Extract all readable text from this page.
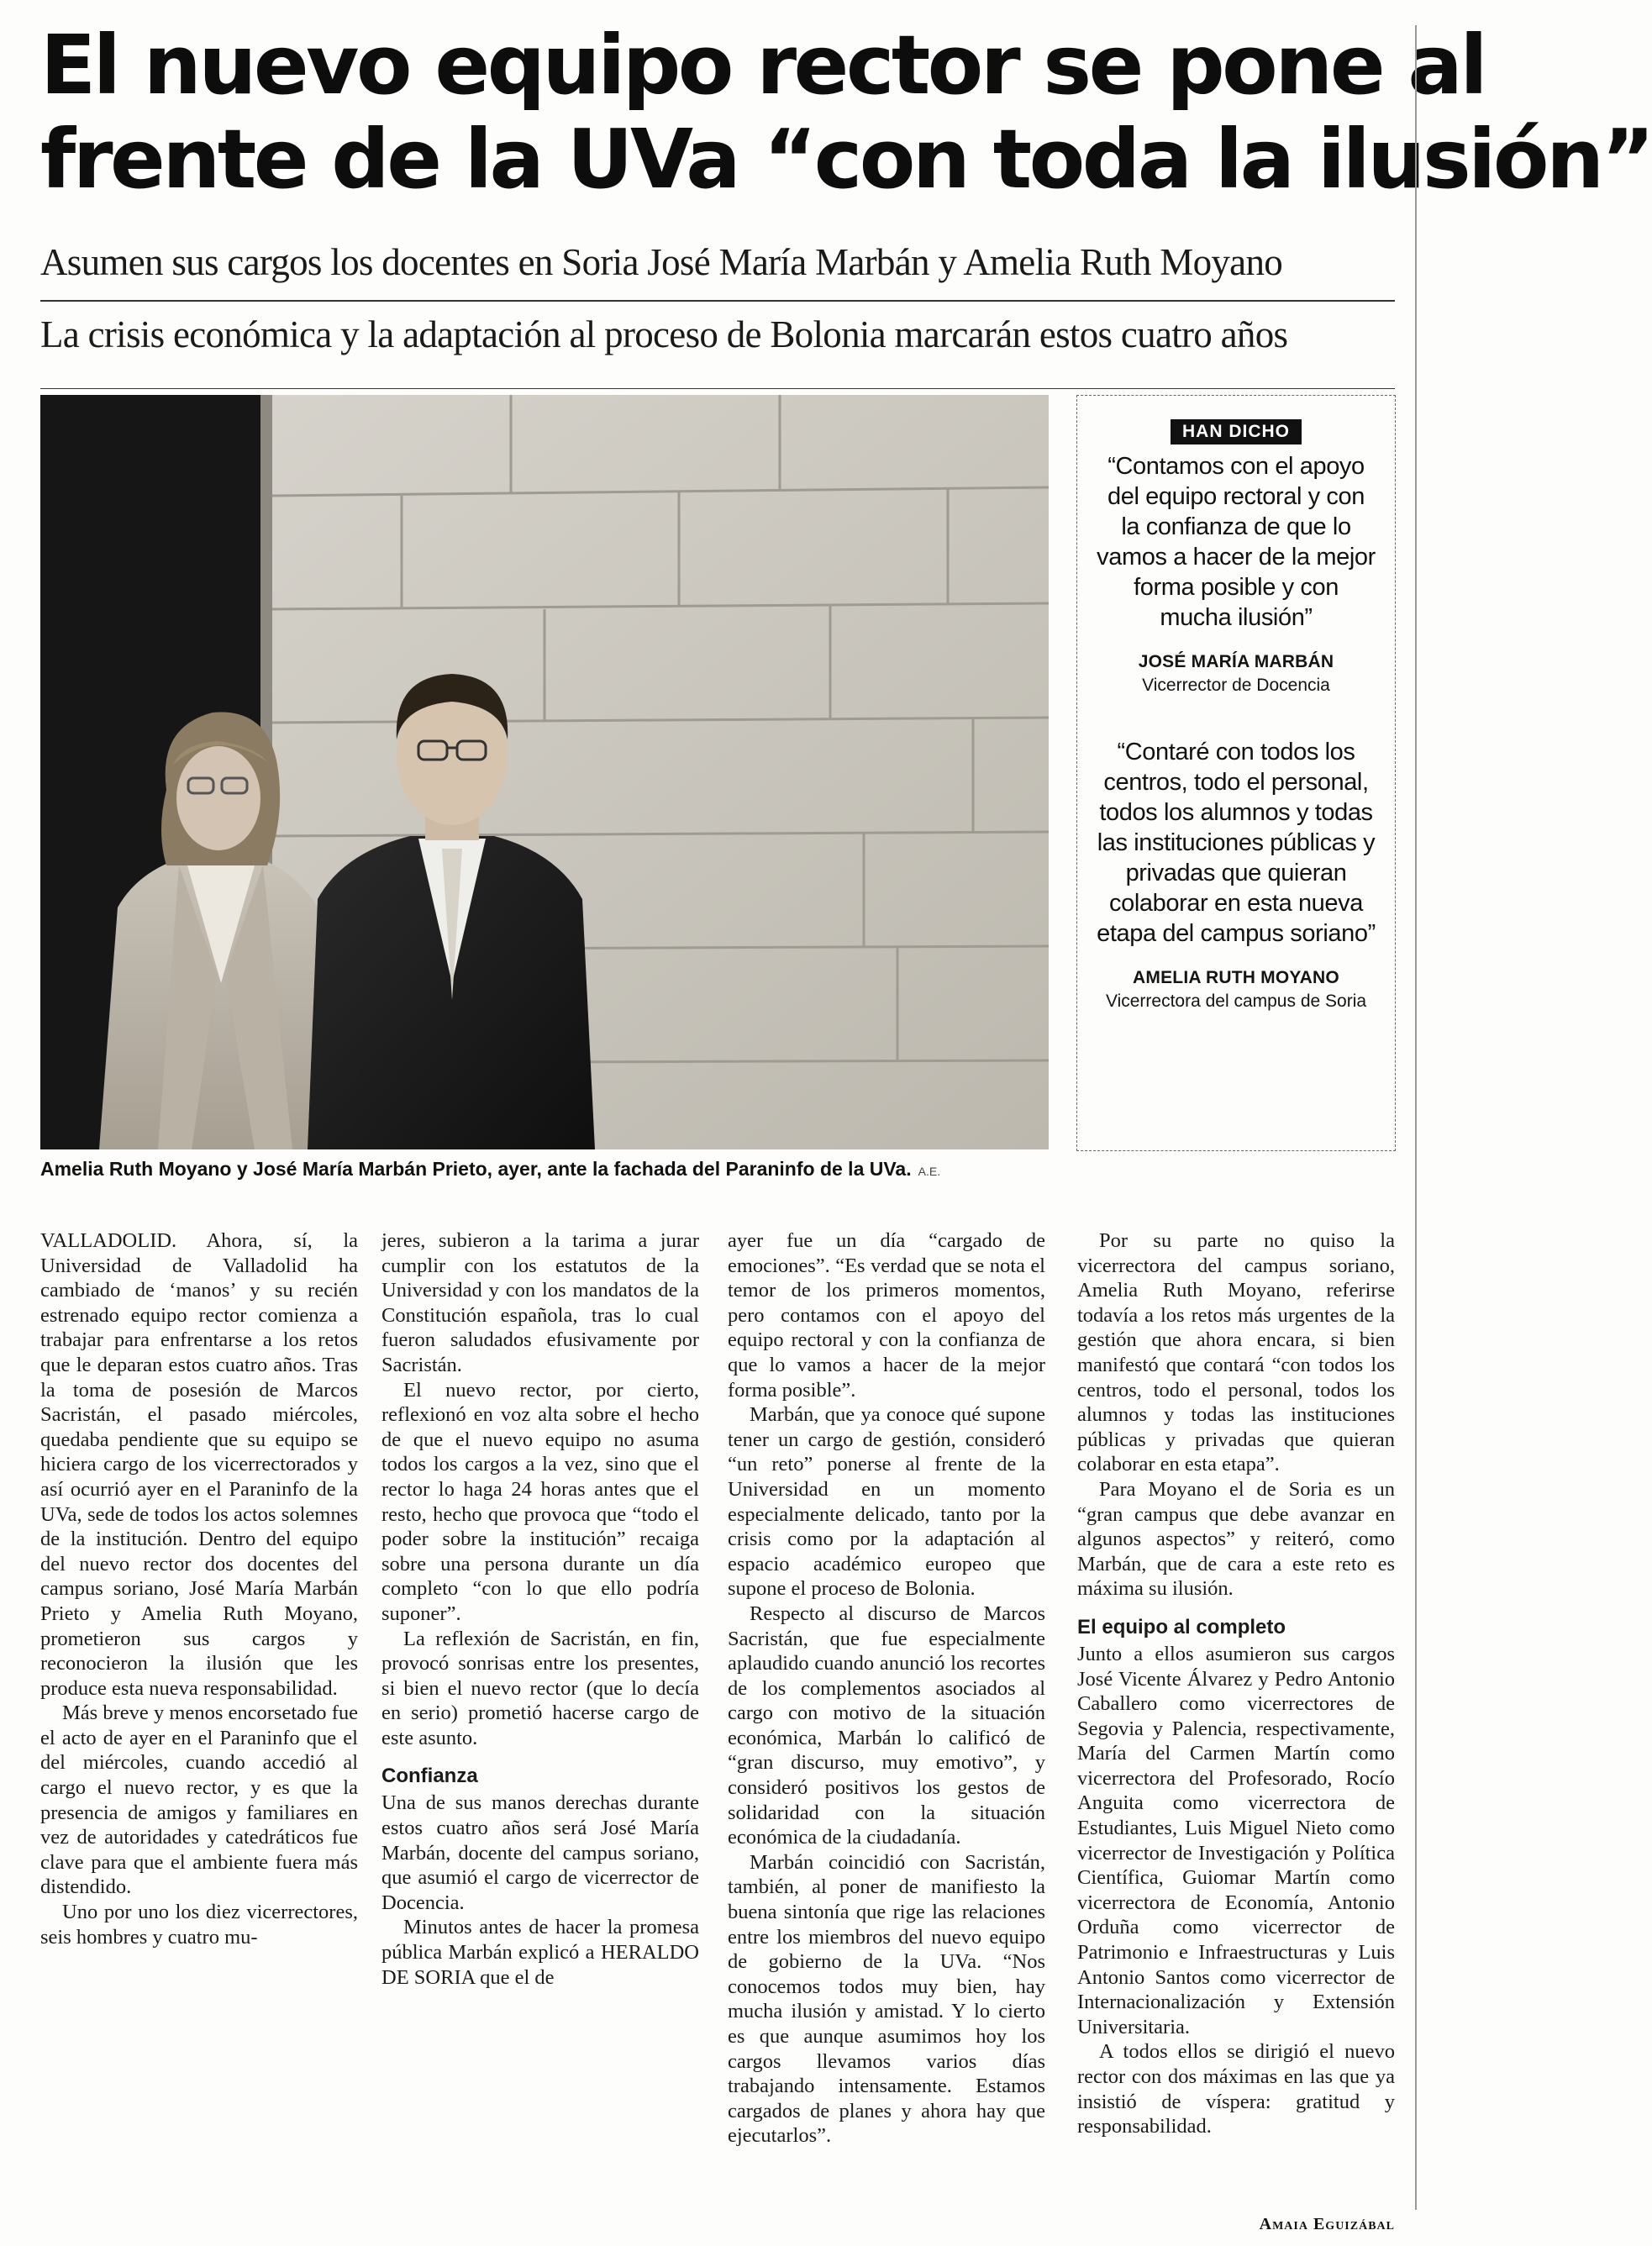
El nuevo equipo rector se pone al
frente de la UVa “con toda la ilusión”
Asumen sus cargos los docentes en Soria José María Marbán y Amelia Ruth Moyano
La crisis económica y la adaptación al proceso de Bolonia marcarán estos cuatro años
Amelia Ruth Moyano y José María Marbán Prieto, ayer, ante la fachada del Paraninfo de la UVa. A.E.
HAN DICHO
“Contamos con el apoyo del equipo rectoral y con la confianza de que lo vamos a hacer de la mejor forma posible y con mucha ilusión”
JOSÉ MARÍA MARBÁN
Vicerrector de Docencia
“Contaré con todos los centros, todo el personal, todos los alumnos y todas las instituciones públicas y privadas que quieran colaborar en esta nueva etapa del campus soriano”
AMELIA RUTH MOYANO
Vicerrectora del campus de Soria

VALLADOLID. Ahora, sí, la Universidad de Valladolid ha cambiado de ‘manos’ y su recién estrenado equipo rector comienza a trabajar para enfrentarse a los retos que le deparan estos cuatro años. Tras la toma de posesión de Marcos Sacristán, el pasado miércoles, quedaba pendiente que su equipo se hiciera cargo de los vicerrectorados y así ocurrió ayer en el Paraninfo de la UVa, sede de todos los actos solemnes de la institución. Dentro del equipo del nuevo rector dos docentes del campus soriano, José María Marbán Prieto y Amelia Ruth Moyano, prometieron sus cargos y reconocieron la ilusión que les produce esta nueva responsabilidad.

Más breve y menos encorsetado fue el acto de ayer en el Paraninfo que el del miércoles, cuando accedió al cargo el nuevo rector, y es que la presencia de amigos y familiares en vez de autoridades y catedráticos fue clave para que el ambiente fuera más distendido.

Uno por uno los diez vicerrectores, seis hombres y cuatro mu-

jeres, subieron a la tarima a jurar cumplir con los estatutos de la Universidad y con los mandatos de la Constitución española, tras lo cual fueron saludados efusivamente por Sacristán.

El nuevo rector, por cierto, reflexionó en voz alta sobre el hecho de que el nuevo equipo no asuma todos los cargos a la vez, sino que el rector lo haga 24 horas antes que el resto, hecho que provoca que “todo el poder sobre la institución” recaiga sobre una persona durante un día completo “con lo que ello podría suponer”.

La reflexión de Sacristán, en fin, provocó sonrisas entre los presentes, si bien el nuevo rector (que lo decía en serio) prometió hacerse cargo de este asunto.

Confianza

Una de sus manos derechas durante estos cuatro años será José María Marbán, docente del campus soriano, que asumió el cargo de vicerrector de Docencia.

Minutos antes de hacer la promesa pública Marbán explicó a HERALDO DE SORIA que el de

ayer fue un día “cargado de emociones”. “Es verdad que se nota el temor de los primeros momentos, pero contamos con el apoyo del equipo rectoral y con la confianza de que lo vamos a hacer de la mejor forma posible”.

Marbán, que ya conoce qué supone tener un cargo de gestión, consideró “un reto” ponerse al frente de la Universidad en un momento especialmente delicado, tanto por la crisis como por la adaptación al espacio académico europeo que supone el proceso de Bolonia.

Respecto al discurso de Marcos Sacristán, que fue especialmente aplaudido cuando anunció los recortes de los complementos asociados al cargo con motivo de la situación económica, Marbán lo calificó de “gran discurso, muy emotivo”, y consideró positivos los gestos de solidaridad con la situación económica de la ciudadanía.

Marbán coincidió con Sacristán, también, al poner de manifiesto la buena sintonía que rige las relaciones entre los miembros del nuevo equipo de gobierno de la UVa. “Nos conocemos todos muy bien, hay mucha ilusión y amistad. Y lo cierto es que aunque asumimos hoy los cargos llevamos varios días trabajando intensamente. Estamos cargados de planes y ahora hay que ejecutarlos”.

Por su parte no quiso la vicerrectora del campus soriano, Amelia Ruth Moyano, referirse todavía a los retos más urgentes de la gestión que ahora encara, si bien manifestó que contará “con todos los centros, todo el personal, todos los alumnos y todas las instituciones públicas y privadas que quieran colaborar en esta etapa”.

Para Moyano el de Soria es un “gran campus que debe avanzar en algunos aspectos” y reiteró, como Marbán, que de cara a este reto es máxima su ilusión.

El equipo al completo

Junto a ellos asumieron sus cargos José Vicente Álvarez y Pedro Antonio Caballero como vicerrectores de Segovia y Palencia, respectivamente, María del Carmen Martín como vicerrectora del Profesorado, Rocío Anguita como vicerrectora de Estudiantes, Luis Miguel Nieto como vicerrector de Investigación y Política Científica, Guiomar Martín como vicerrectora de Economía, Antonio Orduña como vicerrector de Patrimonio e Infraestructuras y Luis Antonio Santos como vicerrector de Internacionalización y Extensión Universitaria.

A todos ellos se dirigió el nuevo rector con dos máximas en las que ya insistió de víspera: gratitud y responsabilidad.

Amaia Eguizábal
